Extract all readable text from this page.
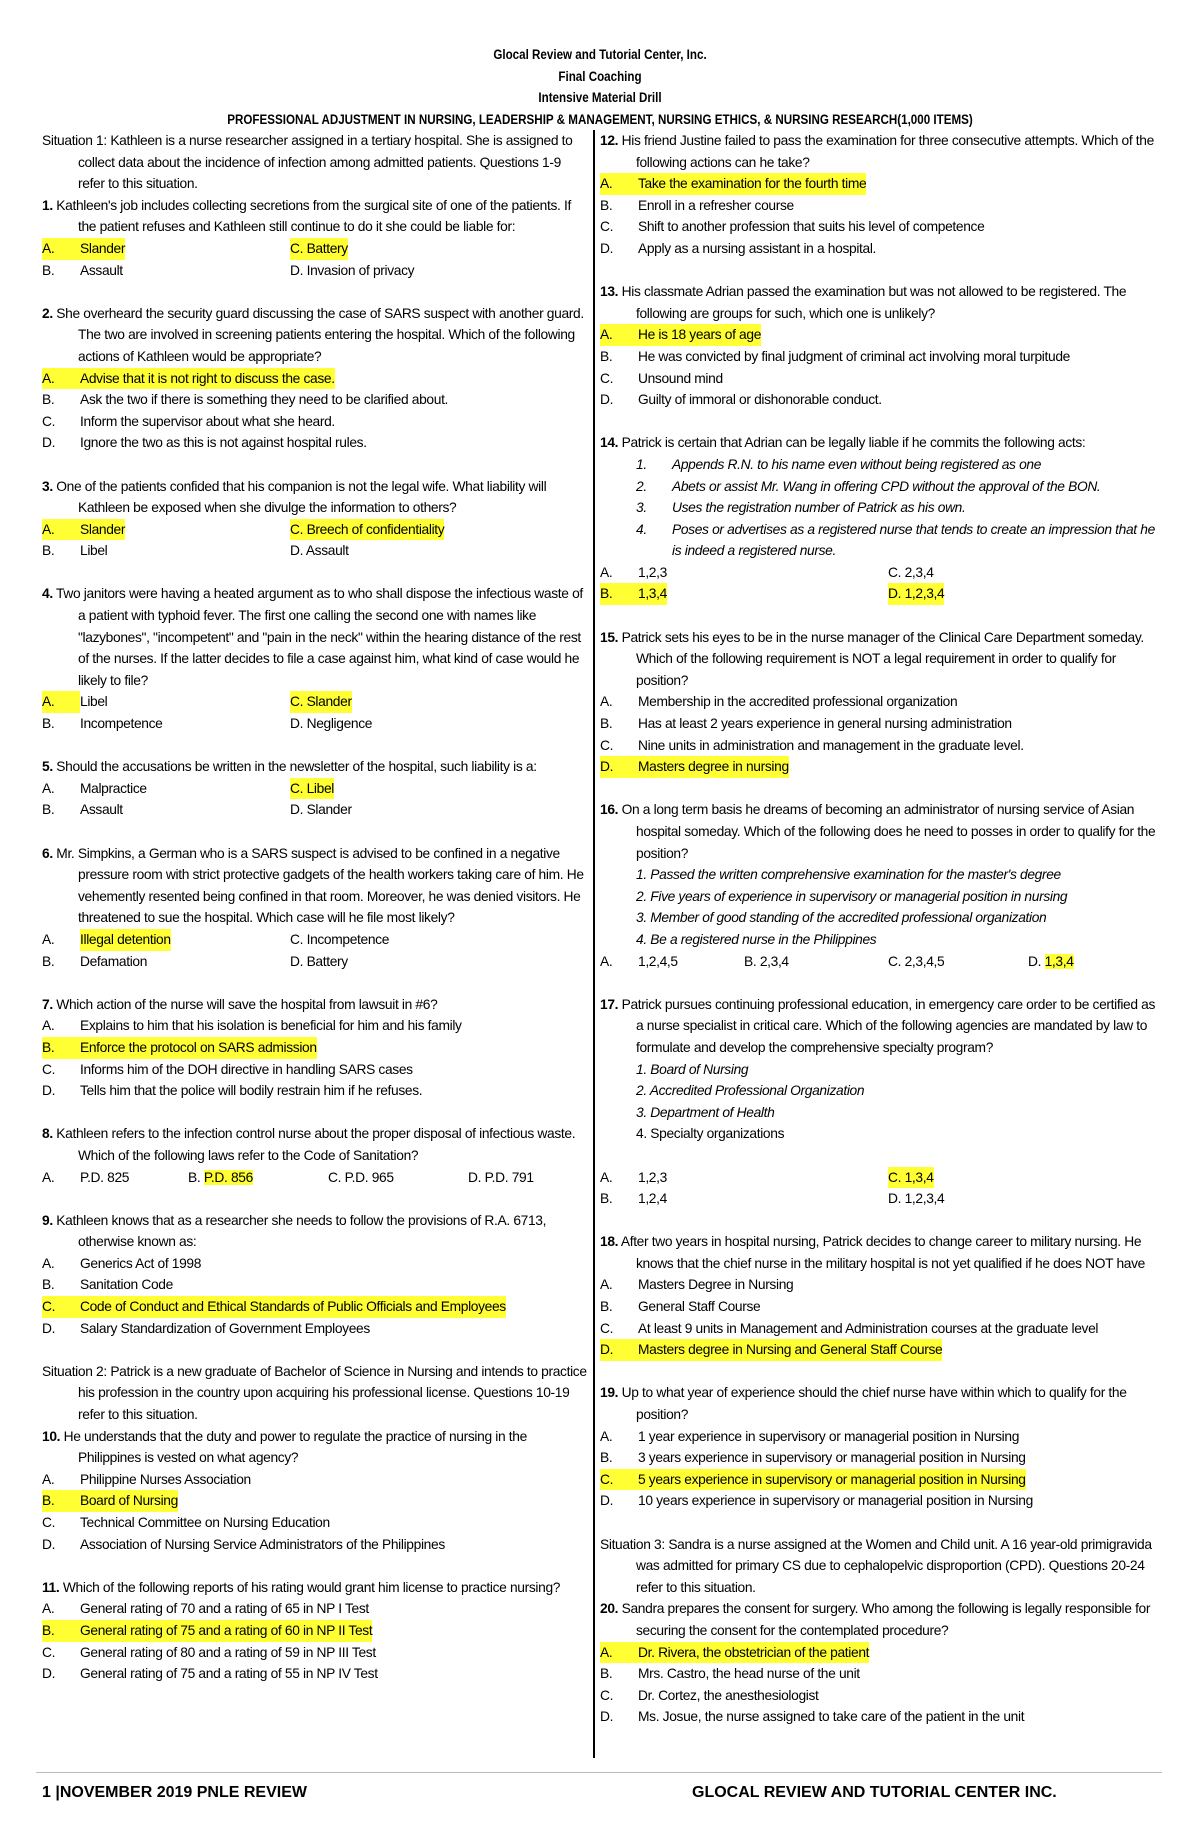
Glocal Review and Tutorial Center, Inc.
Final Coaching
Intensive Material Drill
PROFESSIONAL ADJUSTMENT IN NURSING, LEADERSHIP & MANAGEMENT, NURSING ETHICS, & NURSING RESEARCH(1,000 ITEMS)
Situation 1: Kathleen is a nurse researcher assigned in a tertiary hospital. She is assigned to collect data about the incidence of infection among admitted patients. Questions 1-9 refer to this situation.
1. Kathleen's job includes collecting secretions from the surgical site of one of the patients. If the patient refuses and Kathleen still continue to do it she could be liable for:
A.	Slander	C. Battery
B.	Assault	D. Invasion of privacy
2. She overheard the security guard discussing the case of SARS suspect with another guard. The two are involved in screening patients entering the hospital. Which of the following actions of Kathleen would be appropriate?
A. Advise that it is not right to discuss the case.
B.	Ask the two if there is something they need to be clarified about.
C.	Inform the supervisor about what she heard.
D.	Ignore the two as this is not against hospital rules.
3. One of the patients confided that his companion is not the legal wife. What liability will Kathleen be exposed when she divulge the information to others?
A.	Slander	C. Breech of confidentiality
B.	Libel	D. Assault
4. Two janitors were having a heated argument as to who shall dispose the infectious waste of a patient with typhoid fever. The first one calling the second one with names like "lazybones", "incompetent" and "pain in the neck" within the hearing distance of the rest of the nurses. If the latter decides to file a case against him, what kind of case would he likely to file?
A.	Libel	C. Slander
B.	Incompetence	D. Negligence
5. Should the accusations be written in the newsletter of the hospital, such liability is a:
A.	Malpractice	C. Libel
B.	Assault	D. Slander
6. Mr. Simpkins, a German who is a SARS suspect is advised to be confined in a negative pressure room with strict protective gadgets of the health workers taking care of him. He vehemently resented being confined in that room. Moreover, he was denied visitors. He threatened to sue the hospital. Which case will he file most likely?
A.	Illegal detention	C. Incompetence
B.	Defamation	D. Battery
7. Which action of the nurse will save the hospital from lawsuit in #6?
A.	Explains to him that his isolation is beneficial for him and his family
B. Enforce the protocol on SARS admission
C.	Informs him of the DOH directive in handling SARS cases
D.	Tells him that the police will bodily restrain him if he refuses.
8. Kathleen refers to the infection control nurse about the proper disposal of infectious waste. Which of the following laws refer to the Code of Sanitation?
A.	P.D. 825	B. P.D. 856	C. P.D. 965	D. P.D. 791
9. Kathleen knows that as a researcher she needs to follow the provisions of R.A. 6713, otherwise known as:
A.	Generics Act of 1998
B.	Sanitation Code
C. Code of Conduct and Ethical Standards of Public Officials and Employees
D.	Salary Standardization of Government Employees
Situation 2: Patrick is a new graduate of Bachelor of Science in Nursing and intends to practice his profession in the country upon acquiring his professional license. Questions 10-19 refer to this situation.
10. He understands that the duty and power to regulate the practice of nursing in the Philippines is vested on what agency?
A.	Philippine Nurses Association
B. Board of Nursing
C.	Technical Committee on Nursing Education
D.	Association of Nursing Service Administrators of the Philippines
11. Which of the following reports of his rating would grant him license to practice nursing?
A.	General rating of 70 and a rating of 65 in NP I Test
B. General rating of 75 and a rating of 60 in NP II Test
C.	General rating of 80 and a rating of 59 in NP III Test
D.	General rating of 75 and a rating of 55 in NP IV Test
12. His friend Justine failed to pass the examination for three consecutive attempts. Which of the following actions can he take?
A. Take the examination for the fourth time
B.	Enroll in a refresher course
C.	Shift to another profession that suits his level of competence
D.	Apply as a nursing assistant in a hospital.
13. His classmate Adrian passed the examination but was not allowed to be registered. The following are groups for such, which one is unlikely?
A. He is 18 years of age
B.	He was convicted by final judgment of criminal act involving moral turpitude
C.	Unsound mind
D.	Guilty of immoral or dishonorable conduct.
14. Patrick is certain that Adrian can be legally liable if he commits the following acts:
1. Appends R.N. to his name even without being registered as one
2. Abets or assist Mr. Wang in offering CPD without the approval of the BON.
3. Uses the registration number of Patrick as his own.
4. Poses or advertises as a registered nurse that tends to create an impression that he is indeed a registered nurse.
A.	1,2,3	C. 2,3,4
B. 1,3,4	D. 1,2,3,4
15. Patrick sets his eyes to be in the nurse manager of the Clinical Care Department someday. Which of the following requirement is NOT a legal requirement in order to qualify for position?
A.	Membership in the accredited professional organization
B.	Has at least 2 years experience in general nursing administration
C.	Nine units in administration and management in the graduate level.
D. Masters degree in nursing
16. On a long term basis he dreams of becoming an administrator of nursing service of Asian hospital someday. Which of the following does he need to posses in order to qualify for the position?
1. Passed the written comprehensive examination for the master's degree
2. Five years of experience in supervisory or managerial position in nursing
3. Member of good standing of the accredited professional organization
4. Be a registered nurse in the Philippines
A.	1,2,4,5	B. 2,3,4	C. 2,3,4,5	D. 1,3,4
17. Patrick pursues continuing professional education, in emergency care order to be certified as a nurse specialist in critical care. Which of the following agencies are mandated by law to formulate and develop the comprehensive specialty program?
1. Board of Nursing
2. Accredited Professional Organization
3. Department of Health
4. Specialty organizations
A.	1,2,3	C. 1,3,4
B.	1,2,4	D. 1,2,3,4
18. After two years in hospital nursing, Patrick decides to change career to military nursing. He knows that the chief nurse in the military hospital is not yet qualified if he does NOT have
A.	Masters Degree in Nursing
B.	General Staff Course
C.	At least 9 units in Management and Administration courses at the graduate level
D. Masters degree in Nursing and General Staff Course
19. Up to what year of experience should the chief nurse have within which to qualify for the position?
A.	1 year experience in supervisory or managerial position in Nursing
B.	3 years experience in supervisory or managerial position in Nursing
C. 5 years experience in supervisory or managerial position in Nursing
D.	10 years experience in supervisory or managerial position in Nursing
Situation 3: Sandra is a nurse assigned at the Women and Child unit. A 16 year-old primigravida was admitted for primary CS due to cephalopelvic disproportion (CPD). Questions 20-24 refer to this situation.
20. Sandra prepares the consent for surgery. Who among the following is legally responsible for securing the consent for the contemplated procedure?
A. Dr. Rivera, the obstetrician of the patient
B.	Mrs. Castro, the head nurse of the unit
C.	Dr. Cortez, the anesthesiologist
D.	Ms. Josue, the nurse assigned to take care of the patient in the unit
1 |NOVEMBER 2019 PNLE REVIEW	GLOCAL REVIEW AND TUTORIAL CENTER INC.
